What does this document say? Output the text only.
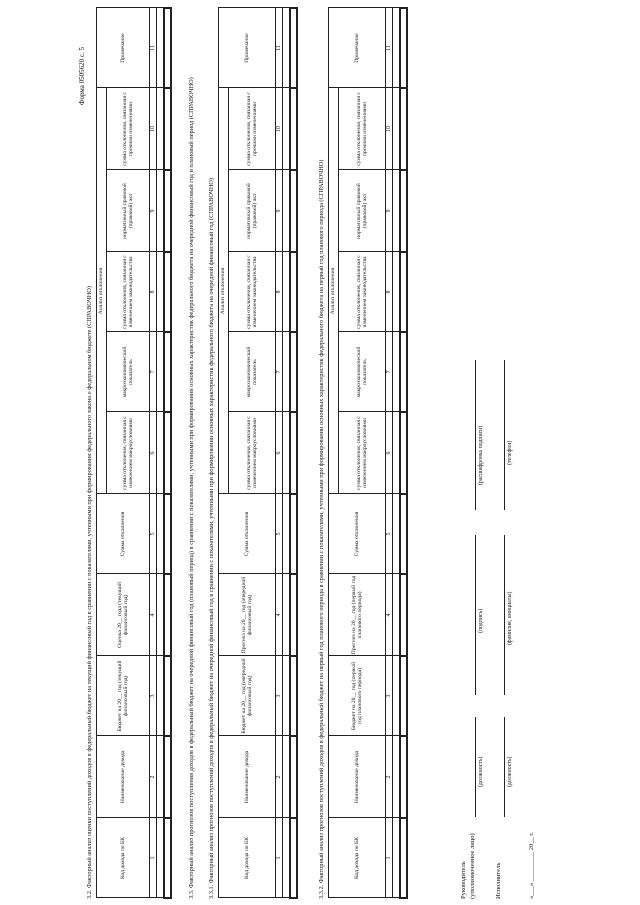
Форма 0505620 с. 5
3.2. Факторный анализ оценки поступлений доходов в федеральный бюджет на текущий финансовый год в сравнении с показателями, учтенными при формировании федерального закона о федеральном бюджете (СПРАВОЧНО)	Код дохода по БК	Наименование дохода	Бюджет на 20__ год (текущий финансовый год)	Оценка 20__ года (текущий финансовый год)	Сумма отклонения	Анализ отклонения					Примечание
					сумма отклонения, связанная с изменением макроусловиями	макроэкономический показатель	сумма отклонения, связанная с изменением законодательства	нормативный правовой (правовой) акт	сумма отклонения, связанная с прочими изменениями	
1	2	3	4	5	6	7	8	9	10	11

3.3. Факторный анализ прогнозов поступления доходов в федеральный бюджет на очередной финансовый год (плановый период) в сравнении с показателями, учтенными при формировании основных характеристик федерального бюджета на очередной финансовый год и плановый период (СПРАВОЧНО) 3.3.1. Факторный анализ прогнозов поступлений доходов в федеральный бюджет на очередной финансовый год в сравнении с показателями, учтенными при формировании основных характеристик федерального бюджета на очередной финансовый год (СПРАВОЧНО)	Код дохода по БК	Наименование дохода	Бюджет на 20__ год (очередной финансовый год)	Прогноз на 20__ год (очередной финансовый год)	Сумма отклонения	Анализ отклонения					Примечание
					сумма отклонения, связанная с изменением макроусловиями	макроэкономический показатель	сумма отклонения, связанная с изменением законодательства	нормативный правовой (правовой) акт	сумма отклонения, связанная с прочими изменениями	
1	2	3	4	5	6	7	8	9	10	11

3.3.2. Факторный анализ прогнозов поступлений доходов в федеральный бюджет на первый год планового периода в сравнении с показателями, учтенными при формировании основных характеристик федерального бюджета на первый год планового периода (СПРАВОЧНО)	Код дохода по БК	Наименование дохода	Бюджет на 20__ год (первый год планового периода)	Прогноз на 20__ год (первый год планового периода)	Сумма отклонения	Анализ отклонения					Примечание
					сумма отклонения, связанная с изменением макроусловиями	макроэкономический показатель	сумма отклонения, связанная с изменением законодательства	нормативный правовой (правовой) акт	сумма отклонения, связанная с прочими изменениями	
1	2	3	4	5	6	7	8	9	10	11

Руководитель (уполномоченное лицо)
(должность)
(подпись)
(расшифровка подписи)
Исполнитель
(должность)
(фамилия, инициалы)
(телефон)
«___» _________ 20__ г.
